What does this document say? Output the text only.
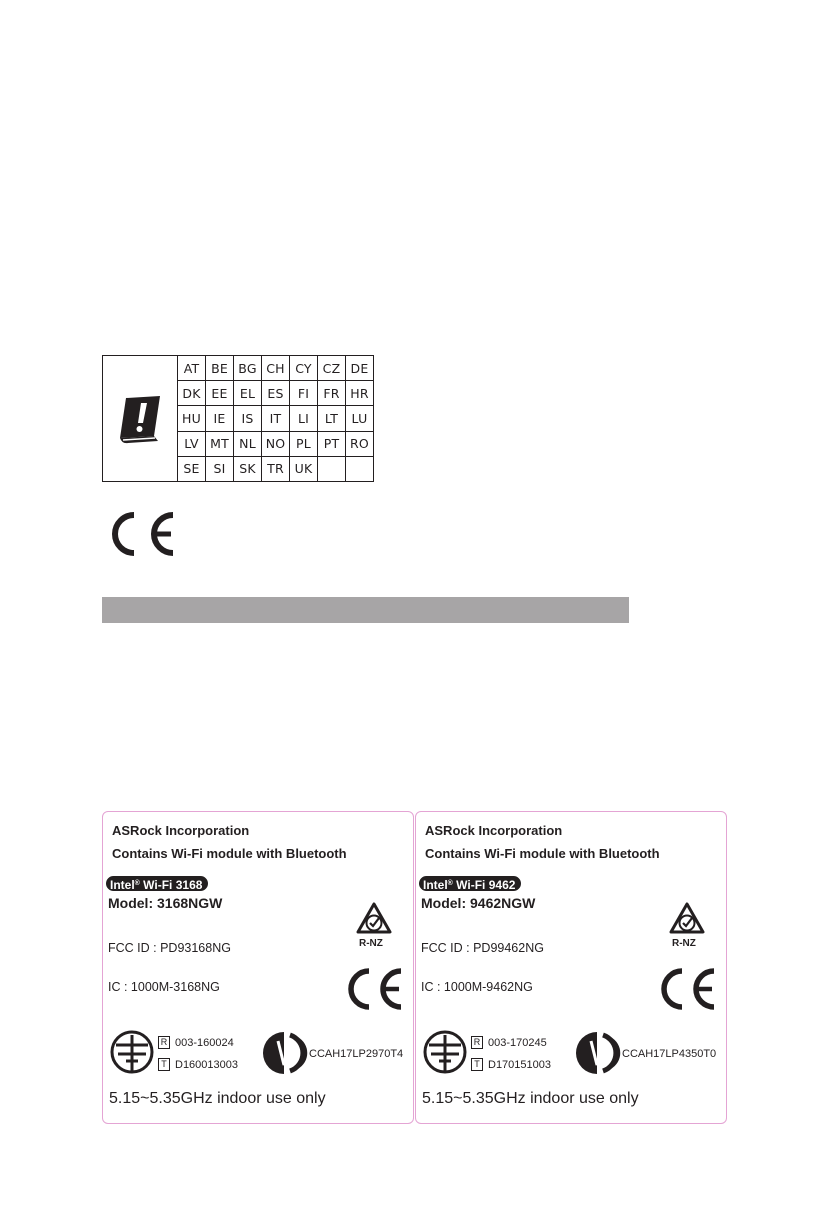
	AT	BE	BG	CH	CY	CZ	DE
	DK	EE	EL	ES	FI	FR	HR
	HU	IE	IS	IT	LI	LT	LU
	LV	MT	NL	NO	PL	PT	RO
	SE	SI	SK	TR	UK		
ASRock Incorporation
Contains Wi-Fi module with Bluetooth
Intel® Wi-Fi 3168
Model: 3168NGW
FCC ID : PD93168NG
IC : 1000M-3168NG
R-NZ
R 003-160024
T D160013003
CCAH17LP2970T4
5.15~5.35GHz indoor use only
ASRock Incorporation
Contains Wi-Fi module with Bluetooth
Intel® Wi-Fi 9462
Model: 9462NGW
FCC ID : PD99462NG
IC : 1000M-9462NG
R-NZ
R 003-170245
T D170151003
CCAH17LP4350T0
5.15~5.35GHz indoor use only
